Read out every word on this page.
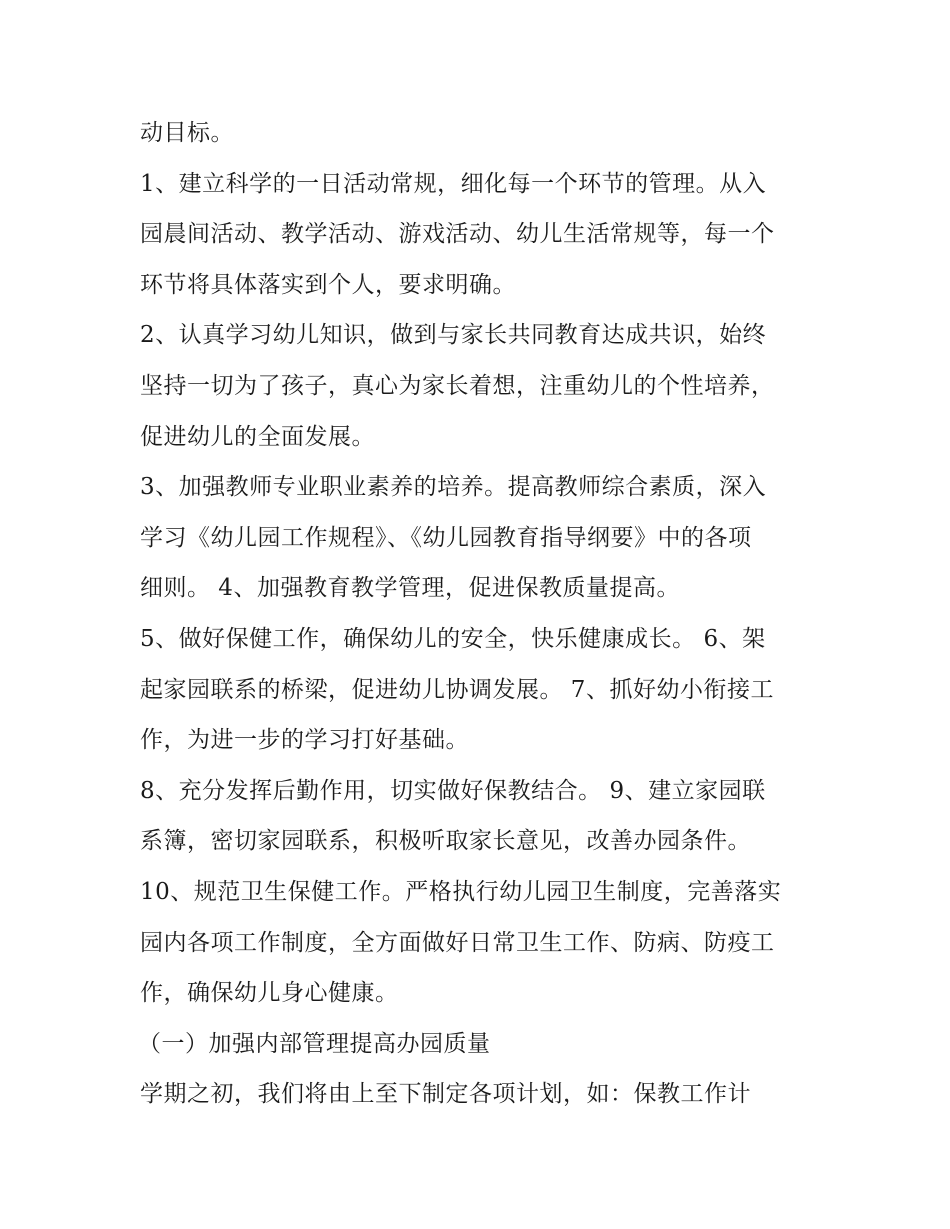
动目标。
1、建立科学的一日活动常规，细化每一个环节的管理。从入
园晨间活动、教学活动、游戏活动、幼儿生活常规等，每一个
环节将具体落实到个人，要求明确。
2、认真学习幼儿知识，做到与家长共同教育达成共识，始终
坚持一切为了孩子，真心为家长着想，注重幼儿的个性培养，
促进幼儿的全面发展。
3、加强教师专业职业素养的培养。提高教师综合素质，深入
学习《幼儿园工作规程》、《幼儿园教育指导纲要》中的各项
细则。 4、加强教育教学管理，促进保教质量提高。
5、做好保健工作，确保幼儿的安全，快乐健康成长。 6、架
起家园联系的桥梁，促进幼儿协调发展。 7、抓好幼小衔接工
作，为进一步的学习打好基础。
8、充分发挥后勤作用，切实做好保教结合。 9、建立家园联
系簿，密切家园联系，积极听取家长意见，改善办园条件。
10、规范卫生保健工作。严格执行幼儿园卫生制度，完善落实
园内各项工作制度，全方面做好日常卫生工作、防病、防疫工
作，确保幼儿身心健康。
（一）加强内部管理提高办园质量
学期之初，我们将由上至下制定各项计划，如：保教工作计
